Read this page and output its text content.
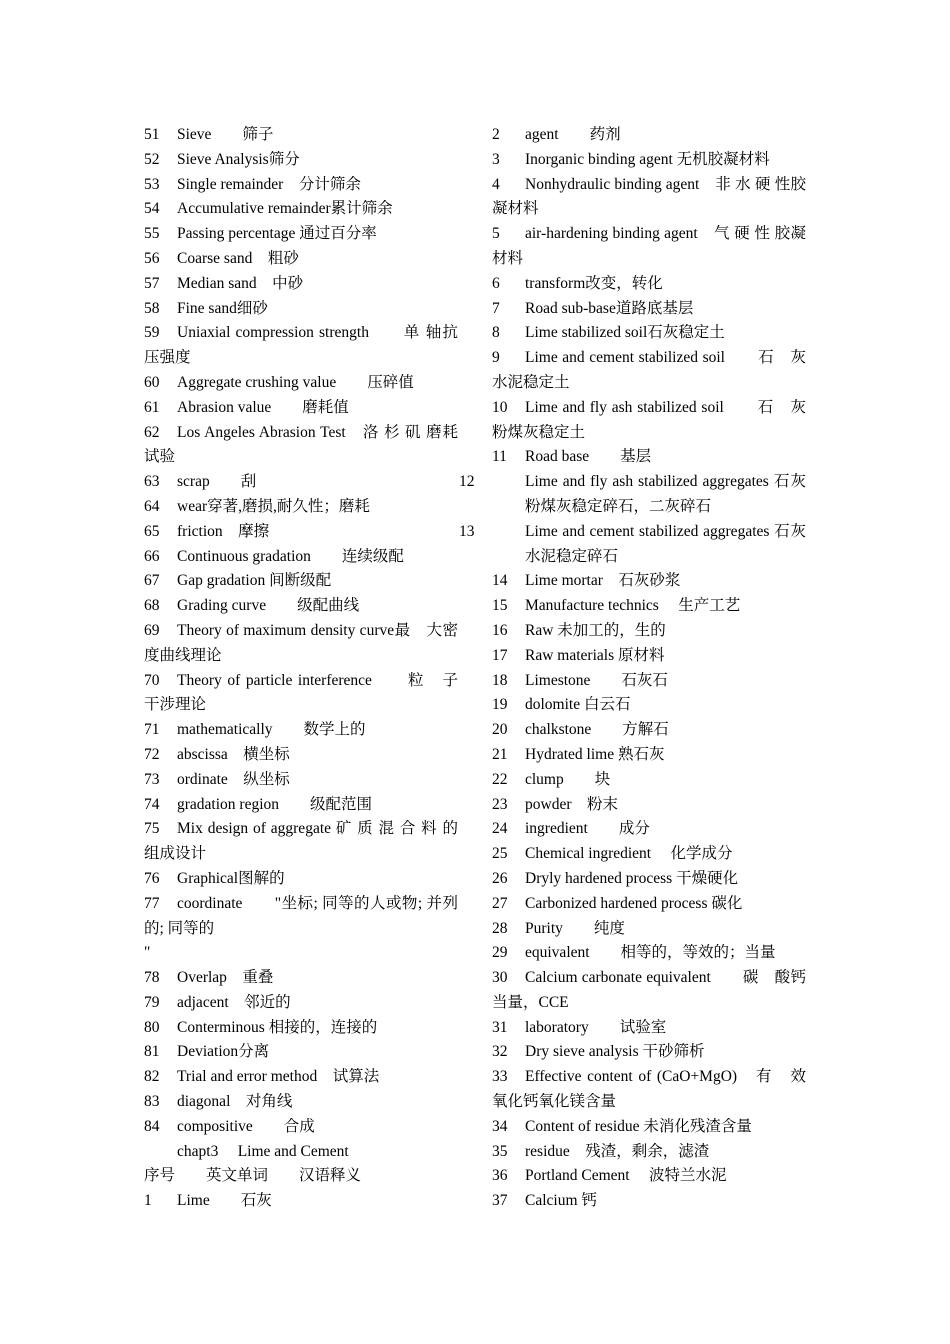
51 Sieve　　筛子
52 Sieve Analysis筛分
53 Single remainder　分计筛余
54 Accumulative remainder累计筛余
55 Passing percentage 通过百分率
56 Coarse sand　粗砂
57 Median sand　中砂
58 Fine sand细砂
59 Uniaxial compression strength　　单 轴抗压强度
60 Aggregate crushing value　　压碎值
61 Abrasion value　　磨耗值
62 Los Angeles Abrasion Test　洛 杉 矶 磨耗试验
63 scrap　　刮
64 wear穿著,磨损,耐久性；磨耗
65 friction　摩擦
66 Continuous gradation　　连续级配
67 Gap gradation 间断级配
68 Grading curve　　级配曲线
69 Theory of maximum density curve最　大密度曲线理论
70 Theory of particle interference　　粒　子干涉理论
71 mathematically　　数学上的
72 abscissa　横坐标
73 ordinate　纵坐标
74 gradation region　　级配范围
75 Mix design of aggregate 矿 质 混 合 料 的组成设计
76 Graphical图解的
77 coordinate　　"坐标; 同等的人或物; 并列的; 同等的
"
78 Overlap　重叠
79 adjacent　邻近的
80 Conterminous 相接的，连接的
81 Deviation分离
82 Trial and error method　试算法
83 diagonal　对角线
84 compositive　　合成
chapt3　 Lime and Cement
序号　　英文单词　　汉语释义
1 Lime　　石灰
2 agent　　药剂
3 Inorganic binding agent 无机胶凝材料
4 Nonhydraulic binding agent　非 水 硬 性胶凝材料
5 air-hardening binding agent　气 硬 性 胶凝材料
6 transform改变，转化
7 Road sub-base道路底基层
8 Lime stabilized soil石灰稳定土
9 Lime and cement stabilized soil　　石　灰水泥稳定土
10 Lime and fly ash stabilized soil　　石　灰粉煤灰稳定土
11 Road base　　基层
12	Lime and fly ash stabilized aggregates 石灰粉煤灰稳定碎石，二灰碎石
13	Lime and cement stabilized aggregates 石灰水泥稳定碎石
14 Lime mortar　石灰砂浆
15 Manufacture technics　 生产工艺
16 Raw 未加工的，生的
17 Raw materials 原材料
18 Limestone　　石灰石
19 dolomite 白云石
20 chalkstone　　方解石
21 Hydrated lime 熟石灰
22 clump　　块
23 powder　粉末
24 ingredient　　成分
25 Chemical ingredient　 化学成分
26 Dryly hardened process 干燥硬化
27 Carbonized hardened process 碳化
28 Purity　　纯度
29 equivalent　　相等的，等效的；当量
30 Calcium carbonate equivalent　　碳　酸钙当量，CCE
31 laboratory　　试验室
32 Dry sieve analysis 干砂筛析
33 Effective content of (CaO+MgO)　有　效氧化钙氧化镁含量
34 Content of residue 未消化残渣含量
35 residue　残渣，剩余，滤渣
36 Portland Cement　 波特兰水泥
37 Calcium 钙
